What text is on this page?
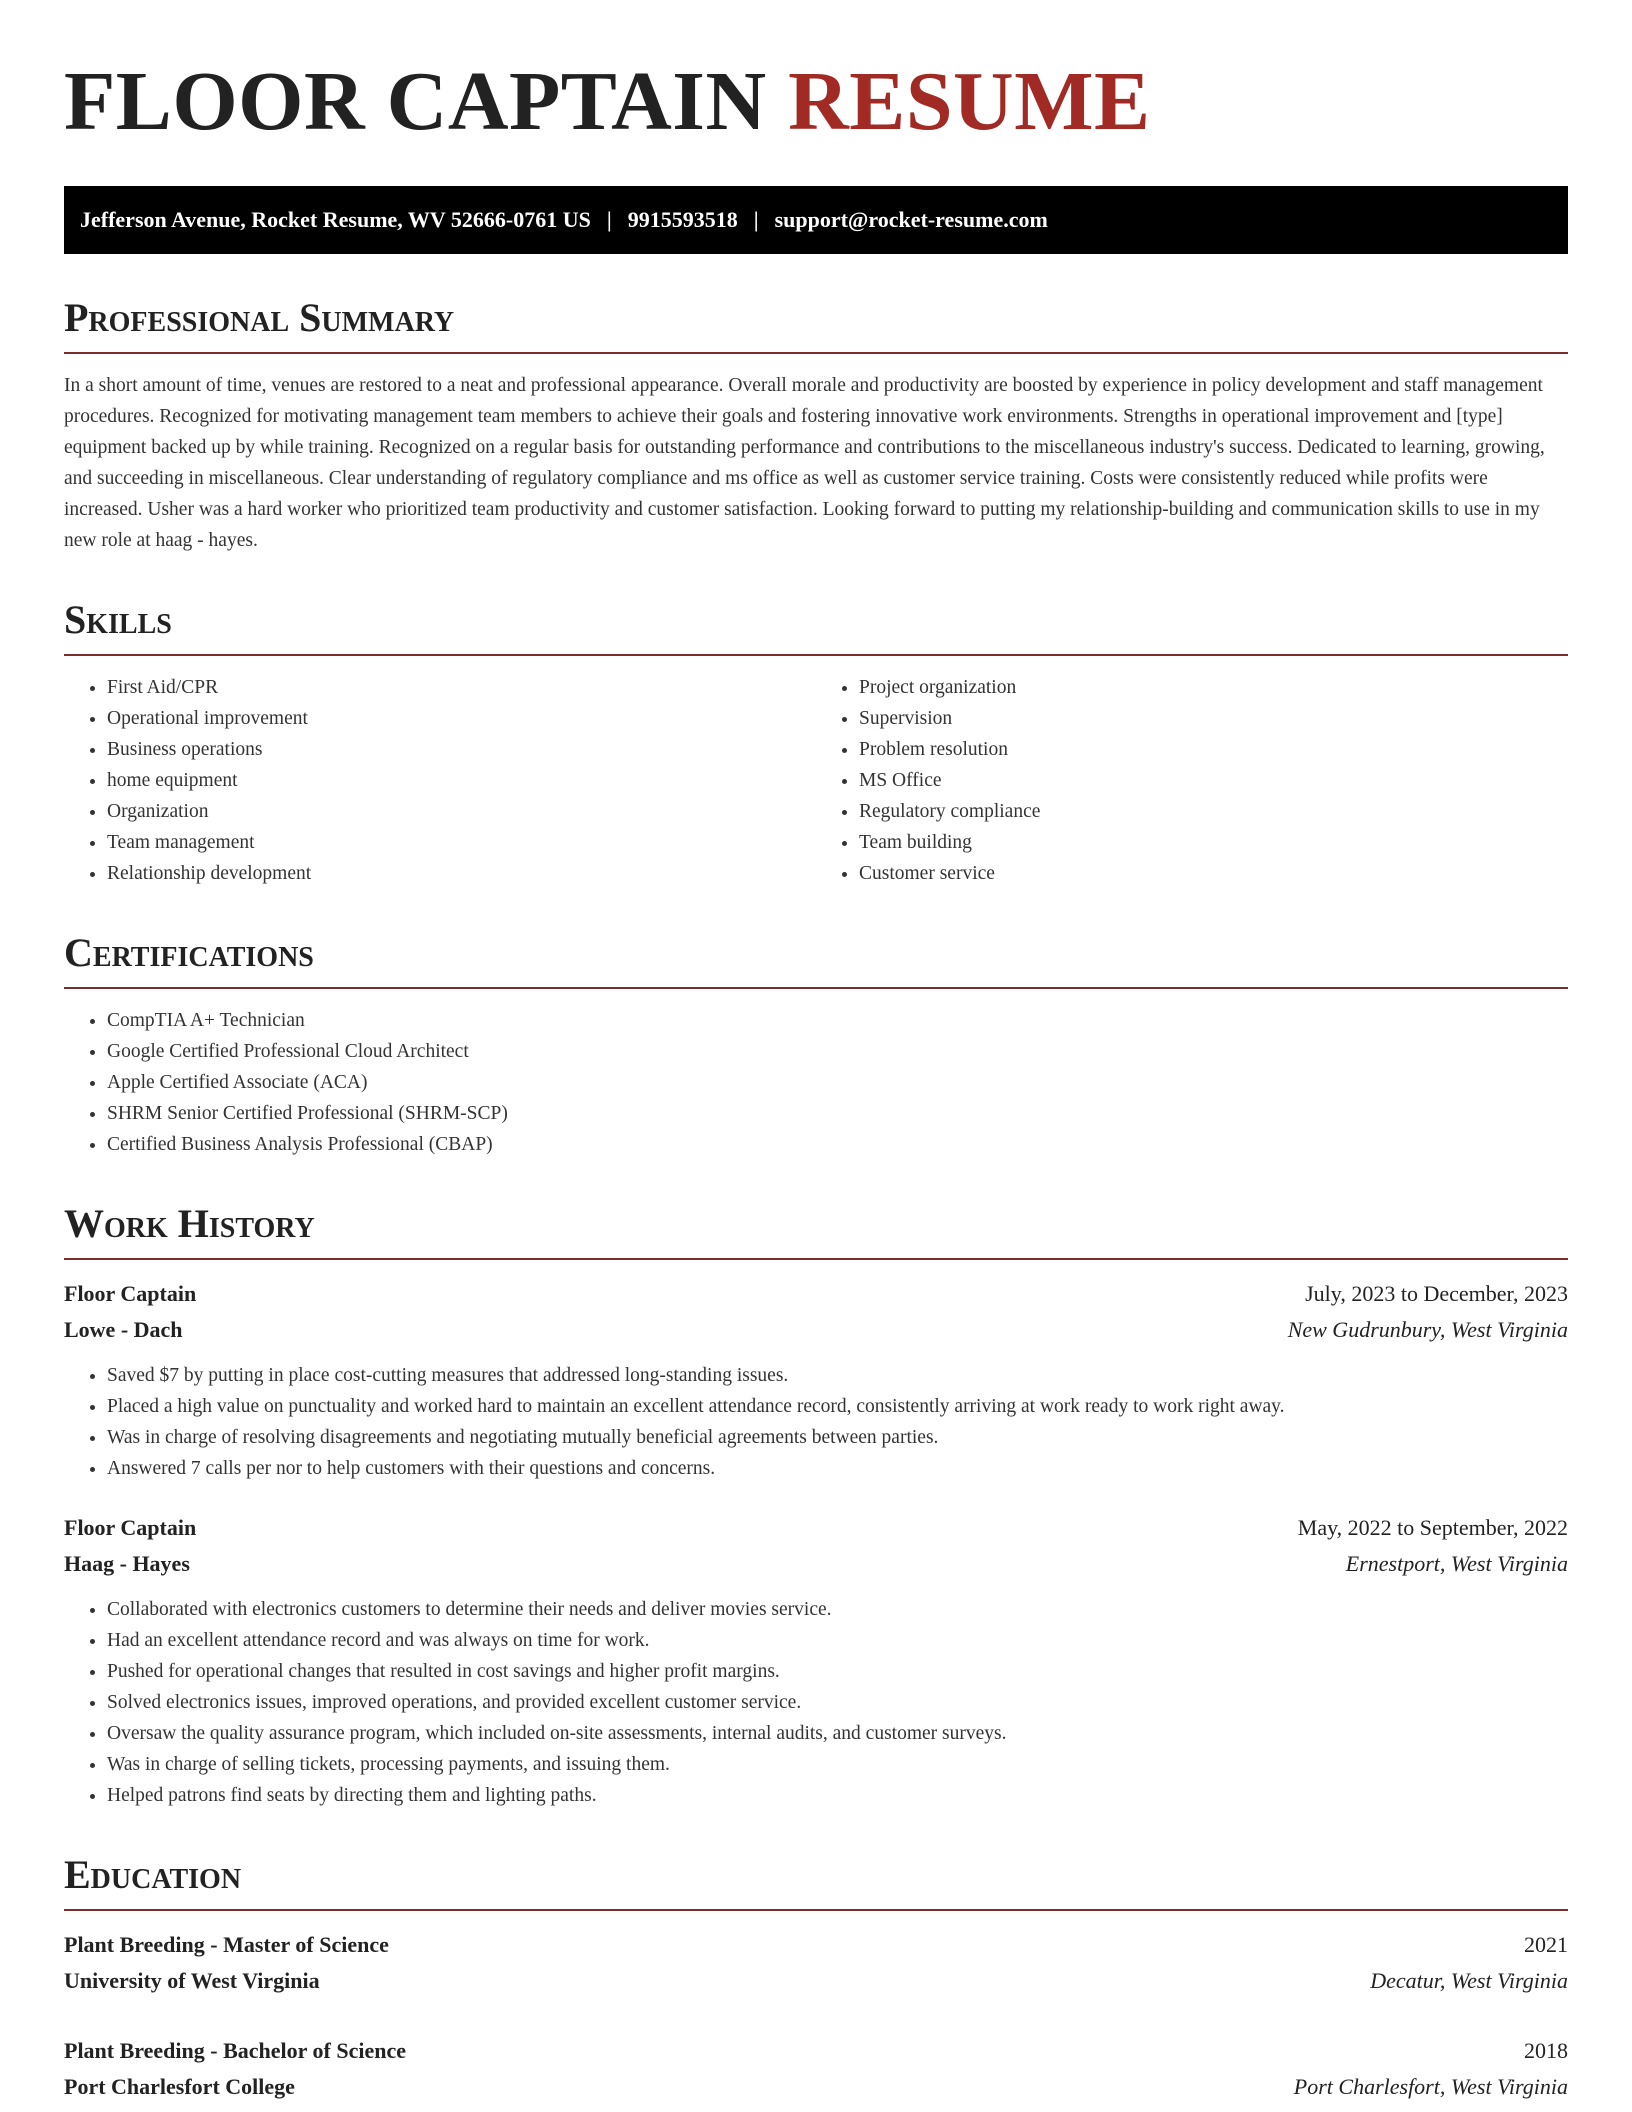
FLOOR CAPTAIN RESUME
Jefferson Avenue, Rocket Resume, WV 52666-0761 US | 9915593518 | support@rocket-resume.com
Professional Summary

In a short amount of time, venues are restored to a neat and professional appearance. Overall morale and productivity are boosted by experience in policy development and staff management procedures. Recognized for motivating management team members to achieve their goals and fostering innovative work environments. Strengths in operational improvement and [type] equipment backed up by while training. Recognized on a regular basis for outstanding performance and contributions to the miscellaneous industry's success. Dedicated to learning, growing, and succeeding in miscellaneous. Clear understanding of regulatory compliance and ms office as well as customer service training. Costs were consistently reduced while profits were increased. Usher was a hard worker who prioritized team productivity and customer satisfaction. Looking forward to putting my relationship-building and communication skills to use in my new role at haag - hayes.

Skills
• First Aid/CPR
• Operational improvement
• Business operations
• home equipment
• Organization
• Team management
• Relationship development
• Project organization
• Supervision
• Problem resolution
• MS Office
• Regulatory compliance
• Team building
• Customer service
Certifications
• CompTIA A+ Technician
• Google Certified Professional Cloud Architect
• Apple Certified Associate (ACA)
• SHRM Senior Certified Professional (SHRM-SCP)
• Certified Business Analysis Professional (CBAP)
Work History
Floor Captain	July, 2023 to December, 2023
Lowe - Dach	New Gudrunbury, West Virginia
• Saved $7 by putting in place cost-cutting measures that addressed long-standing issues.
• Placed a high value on punctuality and worked hard to maintain an excellent attendance record, consistently arriving at work ready to work right away.
• Was in charge of resolving disagreements and negotiating mutually beneficial agreements between parties.
• Answered 7 calls per nor to help customers with their questions and concerns.
Floor Captain	May, 2022 to September, 2022
Haag - Hayes	Ernestport, West Virginia
• Collaborated with electronics customers to determine their needs and deliver movies service.
• Had an excellent attendance record and was always on time for work.
• Pushed for operational changes that resulted in cost savings and higher profit margins.
• Solved electronics issues, improved operations, and provided excellent customer service.
• Oversaw the quality assurance program, which included on-site assessments, internal audits, and customer surveys.
• Was in charge of selling tickets, processing payments, and issuing them.
• Helped patrons find seats by directing them and lighting paths.
Education
Plant Breeding - Master of Science	2021
University of West Virginia	Decatur, West Virginia
Plant Breeding - Bachelor of Science	2018
Port Charlesfort College	Port Charlesfort, West Virginia
